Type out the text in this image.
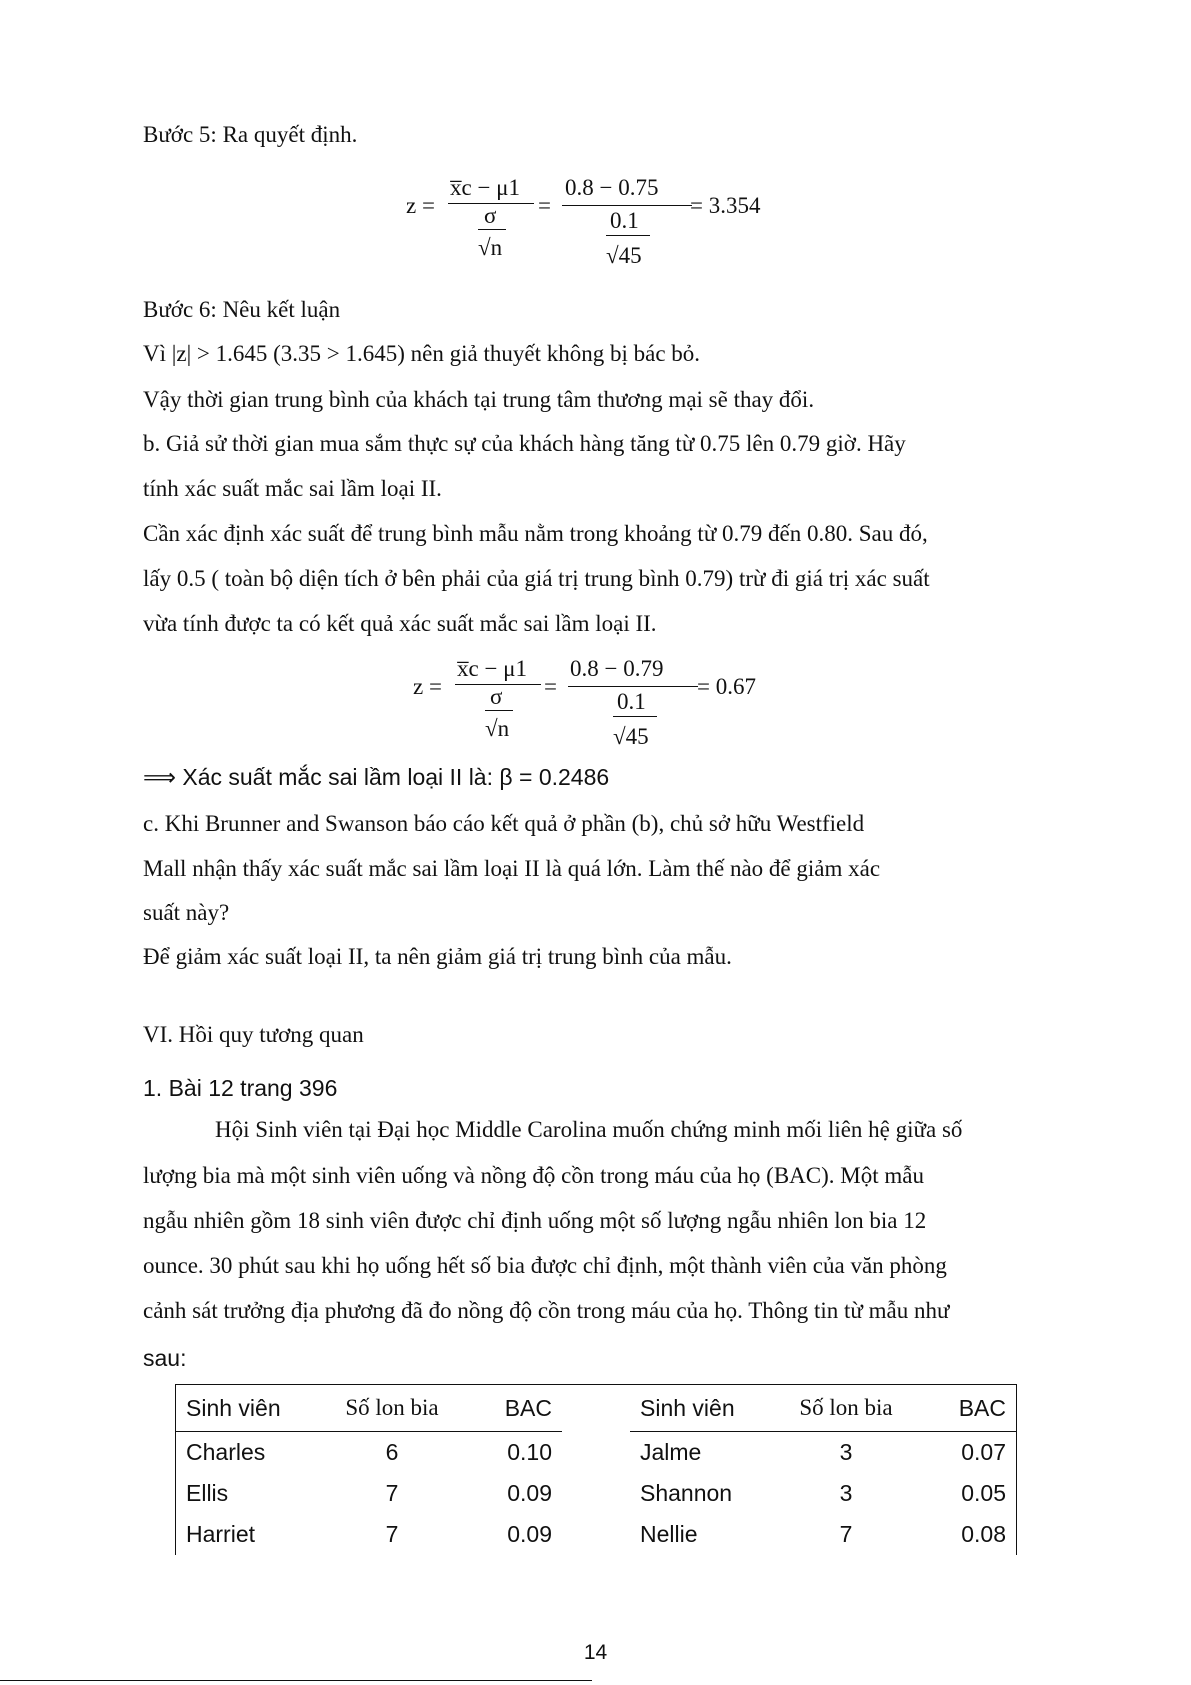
Bước 5: Ra quyết định.
z =
x̅c − μ1
σ
√n
=
0.8 − 0.75
0.1
√45
= 3.354
Bước 6: Nêu kết luận
Vì |z| > 1.645 (3.35 > 1.645) nên giả thuyết không bị bác bỏ.
Vậy thời gian trung bình của khách tại trung tâm thương mại sẽ thay đổi.
b. Giả sử thời gian mua sắm thực sự của khách hàng tăng từ 0.75 lên 0.79 giờ. Hãy
tính xác suất mắc sai lầm loại II.
Cần xác định xác suất để trung bình mẫu nằm trong khoảng từ 0.79 đến 0.80. Sau đó,
lấy 0.5 ( toàn bộ diện tích ở bên phải của giá trị trung bình 0.79) trừ đi giá trị xác suất
vừa tính được ta có kết quả xác suất mắc sai lầm loại II.
z =
x̅c − μ1
σ
√n
=
0.8 − 0.79
0.1
√45
= 0.67
⟹ Xác suất mắc sai lầm loại II là: β = 0.2486
c. Khi Brunner and Swanson báo cáo kết quả ở phần (b), chủ sở hữu Westfield
Mall nhận thấy xác suất mắc sai lầm loại II là quá lớn. Làm thế nào để giảm xác
suất này?
Để giảm xác suất loại II, ta nên giảm giá trị trung bình của mẫu.
VI. Hồi quy tương quan
1. Bài 12 trang 396
Hội Sinh viên tại Đại học Middle Carolina muốn chứng minh mối liên hệ giữa số
lượng bia mà một sinh viên uống và nồng độ cồn trong máu của họ (BAC). Một mẫu
ngẫu nhiên gồm 18 sinh viên được chỉ định uống một số lượng ngẫu nhiên lon bia 12
ounce. 30 phút sau khi họ uống hết số bia được chỉ định, một thành viên của văn phòng
cảnh sát trưởng địa phương đã đo nồng độ cồn trong máu của họ. Thông tin từ mẫu như
sau:
Sinh viên	Số lon bia	BAC		Sinh viên	Số lon bia	BAC
Charles	6	0.10		Jalme	3	0.07
Ellis	7	0.09		Shannon	3	0.05
Harriet	7	0.09		Nellie	7	0.08
14
